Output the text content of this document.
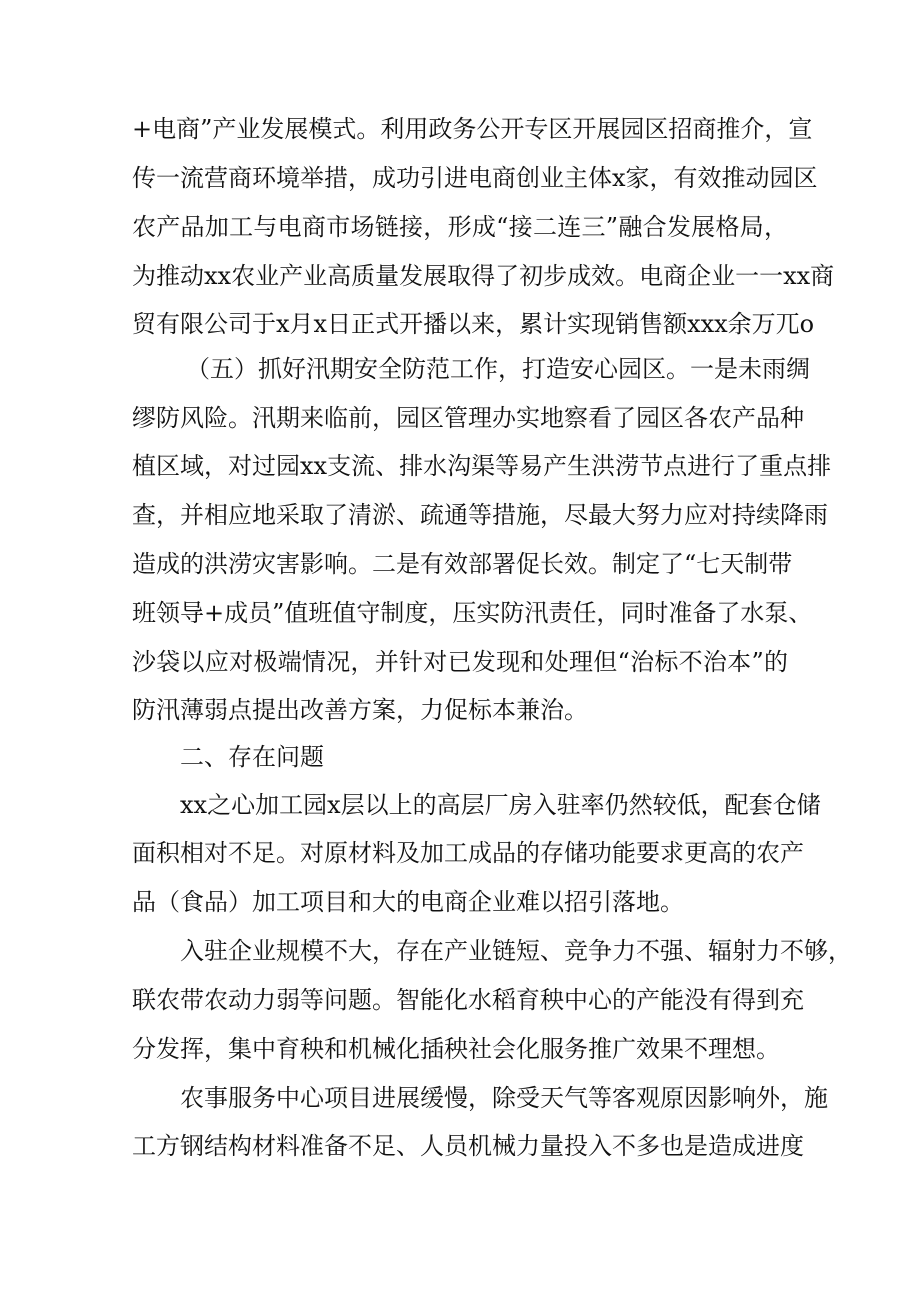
+电商”产业发展模式。利用政务公开专区开展园区招商推介，宣
传一流营商环境举措，成功引进电商创业主体x家，有效推动园区
农产品加工与电商市场链接，形成“接二连三”融合发展格局，
为推动xx农业产业高质量发展取得了初步成效。电商企业一一xx商
贸有限公司于x月x日正式开播以来，累计实现销售额xxx余万兀o
（五）抓好汛期安全防范工作，打造安心园区。一是未雨绸
缪防风险。汛期来临前，园区管理办实地察看了园区各农产品种
植区域，对过园xx支流、排水沟渠等易产生洪涝节点进行了重点排
查，并相应地采取了清淤、疏通等措施，尽最大努力应对持续降雨
造成的洪涝灾害影响。二是有效部署促长效。制定了“七天制带
班领导+成员”值班值守制度，压实防汛责任，同时准备了水泵、
沙袋以应对极端情况，并针对已发现和处理但“治标不治本”的
防汛薄弱点提出改善方案，力促标本兼治。
二、存在问题
xx之心加工园x层以上的高层厂房入驻率仍然较低，配套仓储
面积相对不足。对原材料及加工成品的存储功能要求更高的农产
品（食品）加工项目和大的电商企业难以招引落地。
入驻企业规模不大，存在产业链短、竞争力不强、辐射力不够，
联农带农动力弱等问题。智能化水稻育秧中心的产能没有得到充
分发挥，集中育秧和机械化插秧社会化服务推广效果不理想。
农事服务中心项目进展缓慢，除受天气等客观原因影响外，施
工方钢结构材料准备不足、人员机械力量投入不多也是造成进度
